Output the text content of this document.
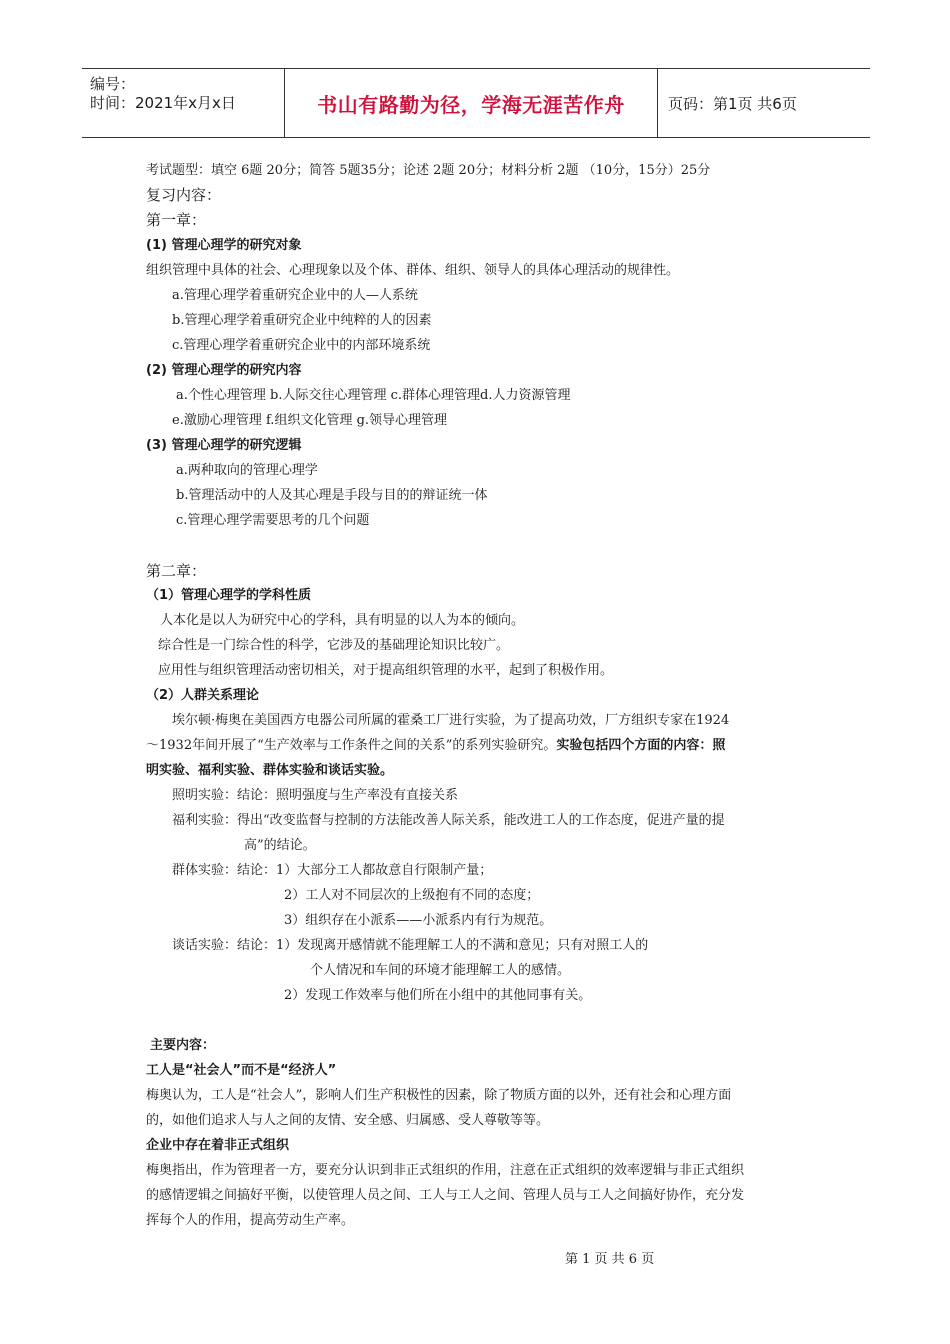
编号：
时间：2021年x月x日	书山有路勤为径，学海无涯苦作舟	页码：第1页 共6页
考试题型：填空 6题 20分；简答 5题35分；论述 2题 20分；材料分析 2题 （10分，15分）25分
复习内容：
第一章：
(1) 管理心理学的研究对象
组织管理中具体的社会、心理现象以及个体、群体、组织、领导人的具体心理活动的规律性。
a.管理心理学着重研究企业中的人—人系统
b.管理心理学着重研究企业中纯粹的人的因素
c.管理心理学着重研究企业中的内部环境系统
(2) 管理心理学的研究内容
a.个性心理管理 b.人际交往心理管理 c.群体心理管理d.人力资源管理
e.激励心理管理 f.组织文化管理 g.领导心理管理
(3) 管理心理学的研究逻辑
a.两种取向的管理心理学
b.管理活动中的人及其心理是手段与目的的辩证统一体
c.管理心理学需要思考的几个问题
第二章：
（1）管理心理学的学科性质
人本化是以人为研究中心的学科，具有明显的以人为本的倾向。
综合性是一门综合性的科学，它涉及的基础理论知识比较广。
应用性与组织管理活动密切相关，对于提高组织管理的水平，起到了积极作用。
（2）人群关系理论
埃尔顿·梅奥在美国西方电器公司所属的霍桑工厂进行实验，为了提高功效，厂方组织专家在1924
～1932年间开展了“生产效率与工作条件之间的关系”的系列实验研究。实验包括四个方面的内容：照
明实验、福利实验、群体实验和谈话实验。
照明实验：结论：照明强度与生产率没有直接关系
福利实验：得出“改变监督与控制的方法能改善人际关系，能改进工人的工作态度，促进产量的提
高”的结论。
群体实验：结论：1）大部分工人都故意自行限制产量；
2）工人对不同层次的上级抱有不同的态度；
3）组织存在小派系——小派系内有行为规范。
谈话实验：结论：1）发现离开感情就不能理解工人的不满和意见；只有对照工人的
个人情况和车间的环境才能理解工人的感情。
2）发现工作效率与他们所在小组中的其他同事有关。
主要内容：
工人是“社会人”而不是“经济人”
梅奥认为，工人是“社会人”，影响人们生产积极性的因素，除了物质方面的以外，还有社会和心理方面
的，如他们追求人与人之间的友情、安全感、归属感、受人尊敬等等。
企业中存在着非正式组织
梅奥指出，作为管理者一方，要充分认识到非正式组织的作用，注意在正式组织的效率逻辑与非正式组织
的感情逻辑之间搞好平衡，以使管理人员之间、工人与工人之间、管理人员与工人之间搞好协作，充分发
挥每个人的作用，提高劳动生产率。
第 1 页 共 6 页
